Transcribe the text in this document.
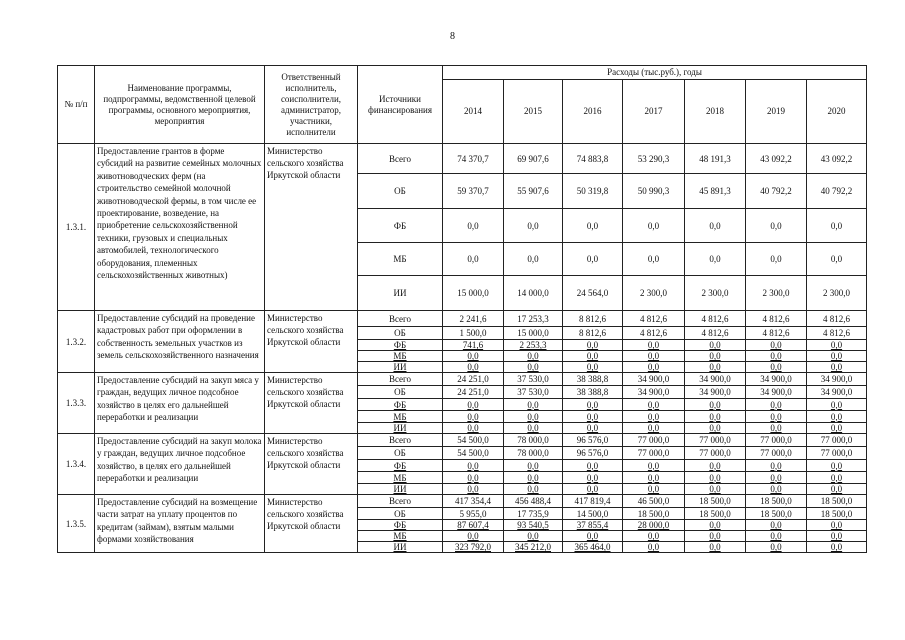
8
№ п/п	Наименование программы, подпрограммы, ведомственной целевой программы, основного мероприятия, мероприятия	Ответственный исполнитель, соисполнители, администратор, участники, исполнители	Источники финансирования	Расходы (тыс.руб.), годы						
				2014	2015	2016	2017	2018	2019	2020
1.3.1.	Предоставление грантов в форме субсидий на развитие семейных молочных животноводческих ферм (на строительство семейной молочной животноводческой фермы, в том числе ее проектирование, возведение, на приобретение сельскохозяйственной техники, грузовых и специальных автомобилей, технологического оборудования, племенных сельскохозяйственных животных)	Министерство сельского хозяйства Иркутской области	Всего	74 370,7	69 907,6	74 883,8	53 290,3	48 191,3	43 092,2	43 092,2
			ОБ	59 370,7	55 907,6	50 319,8	50 990,3	45 891,3	40 792,2	40 792,2
			ФБ	0,0	0,0	0,0	0,0	0,0	0,0	0,0
			МБ	0,0	0,0	0,0	0,0	0,0	0,0	0,0
			ИИ	15 000,0	14 000,0	24 564,0	2 300,0	2 300,0	2 300,0	2 300,0
1.3.2.	Предоставление субсидий на проведение кадастровых работ при оформлении в собственность земельных участков из земель сельскохозяйственного назначения	Министерство сельского хозяйства Иркутской области	Всего	2 241,6	17 253,3	8 812,6	4 812,6	4 812,6	4 812,6	4 812,6
			ОБ	1 500,0	15 000,0	8 812,6	4 812,6	4 812,6	4 812,6	4 812,6
			ФБ	741,6	2 253,3	0,0	0,0	0,0	0,0	0,0
			МБ	0,0	0,0	0,0	0,0	0,0	0,0	0,0
			ИИ	0,0	0,0	0,0	0,0	0,0	0,0	0,0
1.3.3.	Предоставление субсидий на закуп мяса у граждан, ведущих личное подсобное хозяйство в целях его дальнейшей переработки и реализации	Министерство сельского хозяйства Иркутской области	Всего	24 251,0	37 530,0	38 388,8	34 900,0	34 900,0	34 900,0	34 900,0
			ОБ	24 251,0	37 530,0	38 388,8	34 900,0	34 900,0	34 900,0	34 900,0
			ФБ	0,0	0,0	0,0	0,0	0,0	0,0	0,0
			МБ	0,0	0,0	0,0	0,0	0,0	0,0	0,0
			ИИ	0,0	0,0	0,0	0,0	0,0	0,0	0,0
1.3.4.	Предоставление субсидий на закуп молока у граждан, ведущих личное подсобное хозяйство, в целях его дальнейшей переработки и реализации	Министерство сельского хозяйства Иркутской области	Всего	54 500,0	78 000,0	96 576,0	77 000,0	77 000,0	77 000,0	77 000,0
			ОБ	54 500,0	78 000,0	96 576,0	77 000,0	77 000,0	77 000,0	77 000,0
			ФБ	0,0	0,0	0,0	0,0	0,0	0,0	0,0
			МБ	0,0	0,0	0,0	0,0	0,0	0,0	0,0
			ИИ	0,0	0,0	0,0	0,0	0,0	0,0	0,0
1.3.5.	Предоставление субсидий на возмещение части затрат на уплату процентов по кредитам (займам), взятым малыми формами хозяйствования	Министерство сельского хозяйства Иркутской области	Всего	417 354,4	456 488,4	417 819,4	46 500,0	18 500,0	18 500,0	18 500,0
			ОБ	5 955,0	17 735,9	14 500,0	18 500,0	18 500,0	18 500,0	18 500,0
			ФБ	87 607,4	93 540,5	37 855,4	28 000,0	0,0	0,0	0,0
			МБ	0,0	0,0	0,0	0,0	0,0	0,0	0,0
			ИИ	323 792,0	345 212,0	365 464,0	0,0	0,0	0,0	0,0
